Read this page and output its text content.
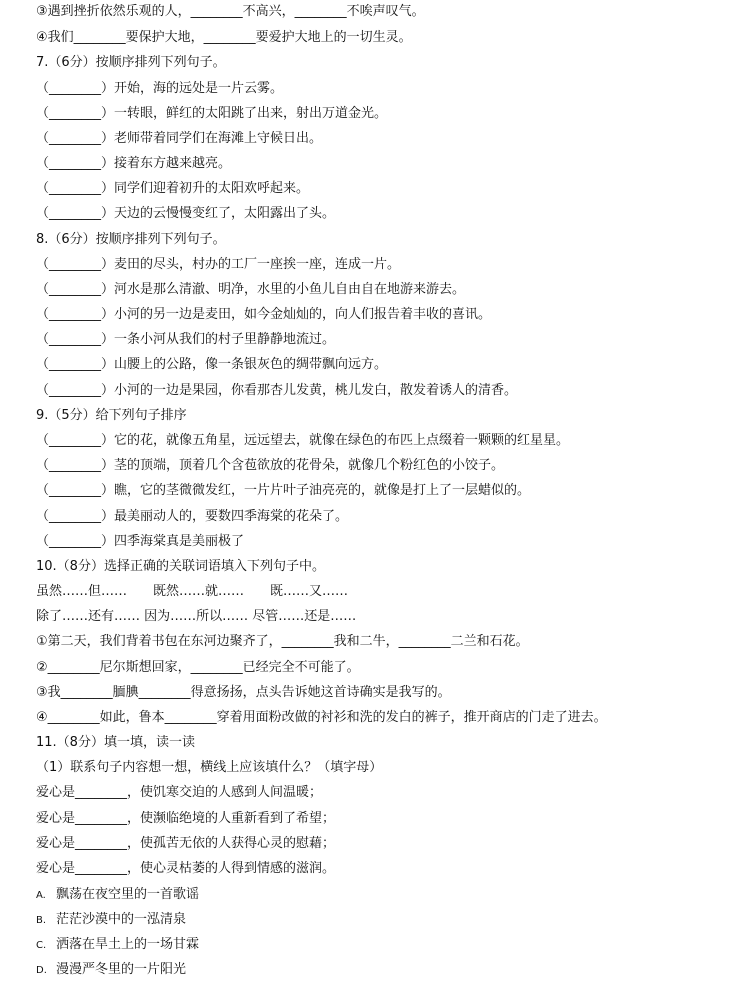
③遇到挫折依然乐观的人，________不高兴，________不唉声叹气。
④我们________要保护大地，________要爱护大地上的一切生灵。
7.（6分）按顺序排列下列句子。
（________）开始，海的远处是一片云雾。
（________）一转眼，鲜红的太阳跳了出来，射出万道金光。
（________）老师带着同学们在海滩上守候日出。
（________）接着东方越来越亮。
（________）同学们迎着初升的太阳欢呼起来。
（________）天边的云慢慢变红了，太阳露出了头。
8.（6分）按顺序排列下列句子。
（________）麦田的尽头，村办的工厂一座挨一座，连成一片。
（________）河水是那么清澈、明净，水里的小鱼儿自由自在地游来游去。
（________）小河的另一边是麦田，如今金灿灿的，向人们报告着丰收的喜讯。
（________）一条小河从我们的村子里静静地流过。
（________）山腰上的公路，像一条银灰色的绸带飘向远方。
（________）小河的一边是果园，你看那杏儿发黄，桃儿发白，散发着诱人的清香。
9.（5分）给下列句子排序
（________）它的花，就像五角星，远远望去，就像在绿色的布匹上点缀着一颗颗的红星星。
（________）茎的顶端，顶着几个含苞欲放的花骨朵，就像几个粉红色的小饺子。
（________）瞧，它的茎微微发红，一片片叶子油亮亮的，就像是打上了一层蜡似的。
（________）最美丽动人的，要数四季海棠的花朵了。
（________）四季海棠真是美丽极了
10.（8分）选择正确的关联词语填入下列句子中。
虽然……但……　　既然……就……　　既……又……
除了……还有…… 因为……所以…… 尽管……还是……
①第二天，我们背着书包在东河边聚齐了，________我和二牛，________二兰和石花。
②________尼尔斯想回家，________已经完全不可能了。
③我________腼腆________得意扬扬，点头告诉她这首诗确实是我写的。
④________如此，鲁本________穿着用面粉改做的衬衫和洗的发白的裤子，推开商店的门走了进去。
11.（8分）填一填，读一读
（1）联系句子内容想一想，横线上应该填什么？（填字母）
爱心是________，使饥寒交迫的人感到人间温暖；
爱心是________，使濒临绝境的人重新看到了希望；
爱心是________，使孤苦无依的人获得心灵的慰藉；
爱心是________，使心灵枯萎的人得到情感的滋润。
A. 飘荡在夜空里的一首歌谣
B. 茫茫沙漠中的一泓清泉
C. 洒落在旱土上的一场甘霖
D. 漫漫严冬里的一片阳光
